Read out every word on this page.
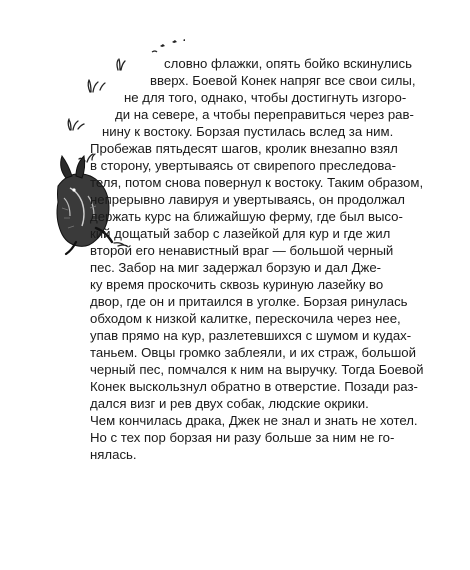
словно флажки, опять бойко вскинулись
вверх. Боевой Конек напряг все свои силы,
не для того, однако, чтобы достигнуть изгоро-
ди на севере, а чтобы переправиться через рав-
нину к востоку. Борзая пустилась вслед за ним.
Пробежав пятьдесят шагов, кролик внезапно взял
в сторону, увертываясь от свирепого преследова-
теля, потом снова повернул к востоку. Таким образом,
непрерывно лавируя и увертываясь, он продолжал
держать курс на ближайшую ферму, где был высо-
кий дощатый забор с лазейкой для кур и где жил
второй его ненавистный враг — большой черный
пес. Забор на миг задержал борзую и дал Дже-
ку время проскочить сквозь куриную лазейку во
двор, где он и притаился в уголке. Борзая ринулась
обходом к низкой калитке, перескочила через нее,
упав прямо на кур, разлетевшихся с шумом и кудах-
таньем. Овцы громко заблеяли, и их страж, большой
черный пес, помчался к ним на выручку. Тогда Боевой
Конек выскользнул обратно в отверстие. Позади раз-
дался визг и рев двух собак, людские окрики.
Чем кончилась драка, Джек не знал и знать не хотел.
Но с тех пор борзая ни разу больше за ним не го-
нялась.
